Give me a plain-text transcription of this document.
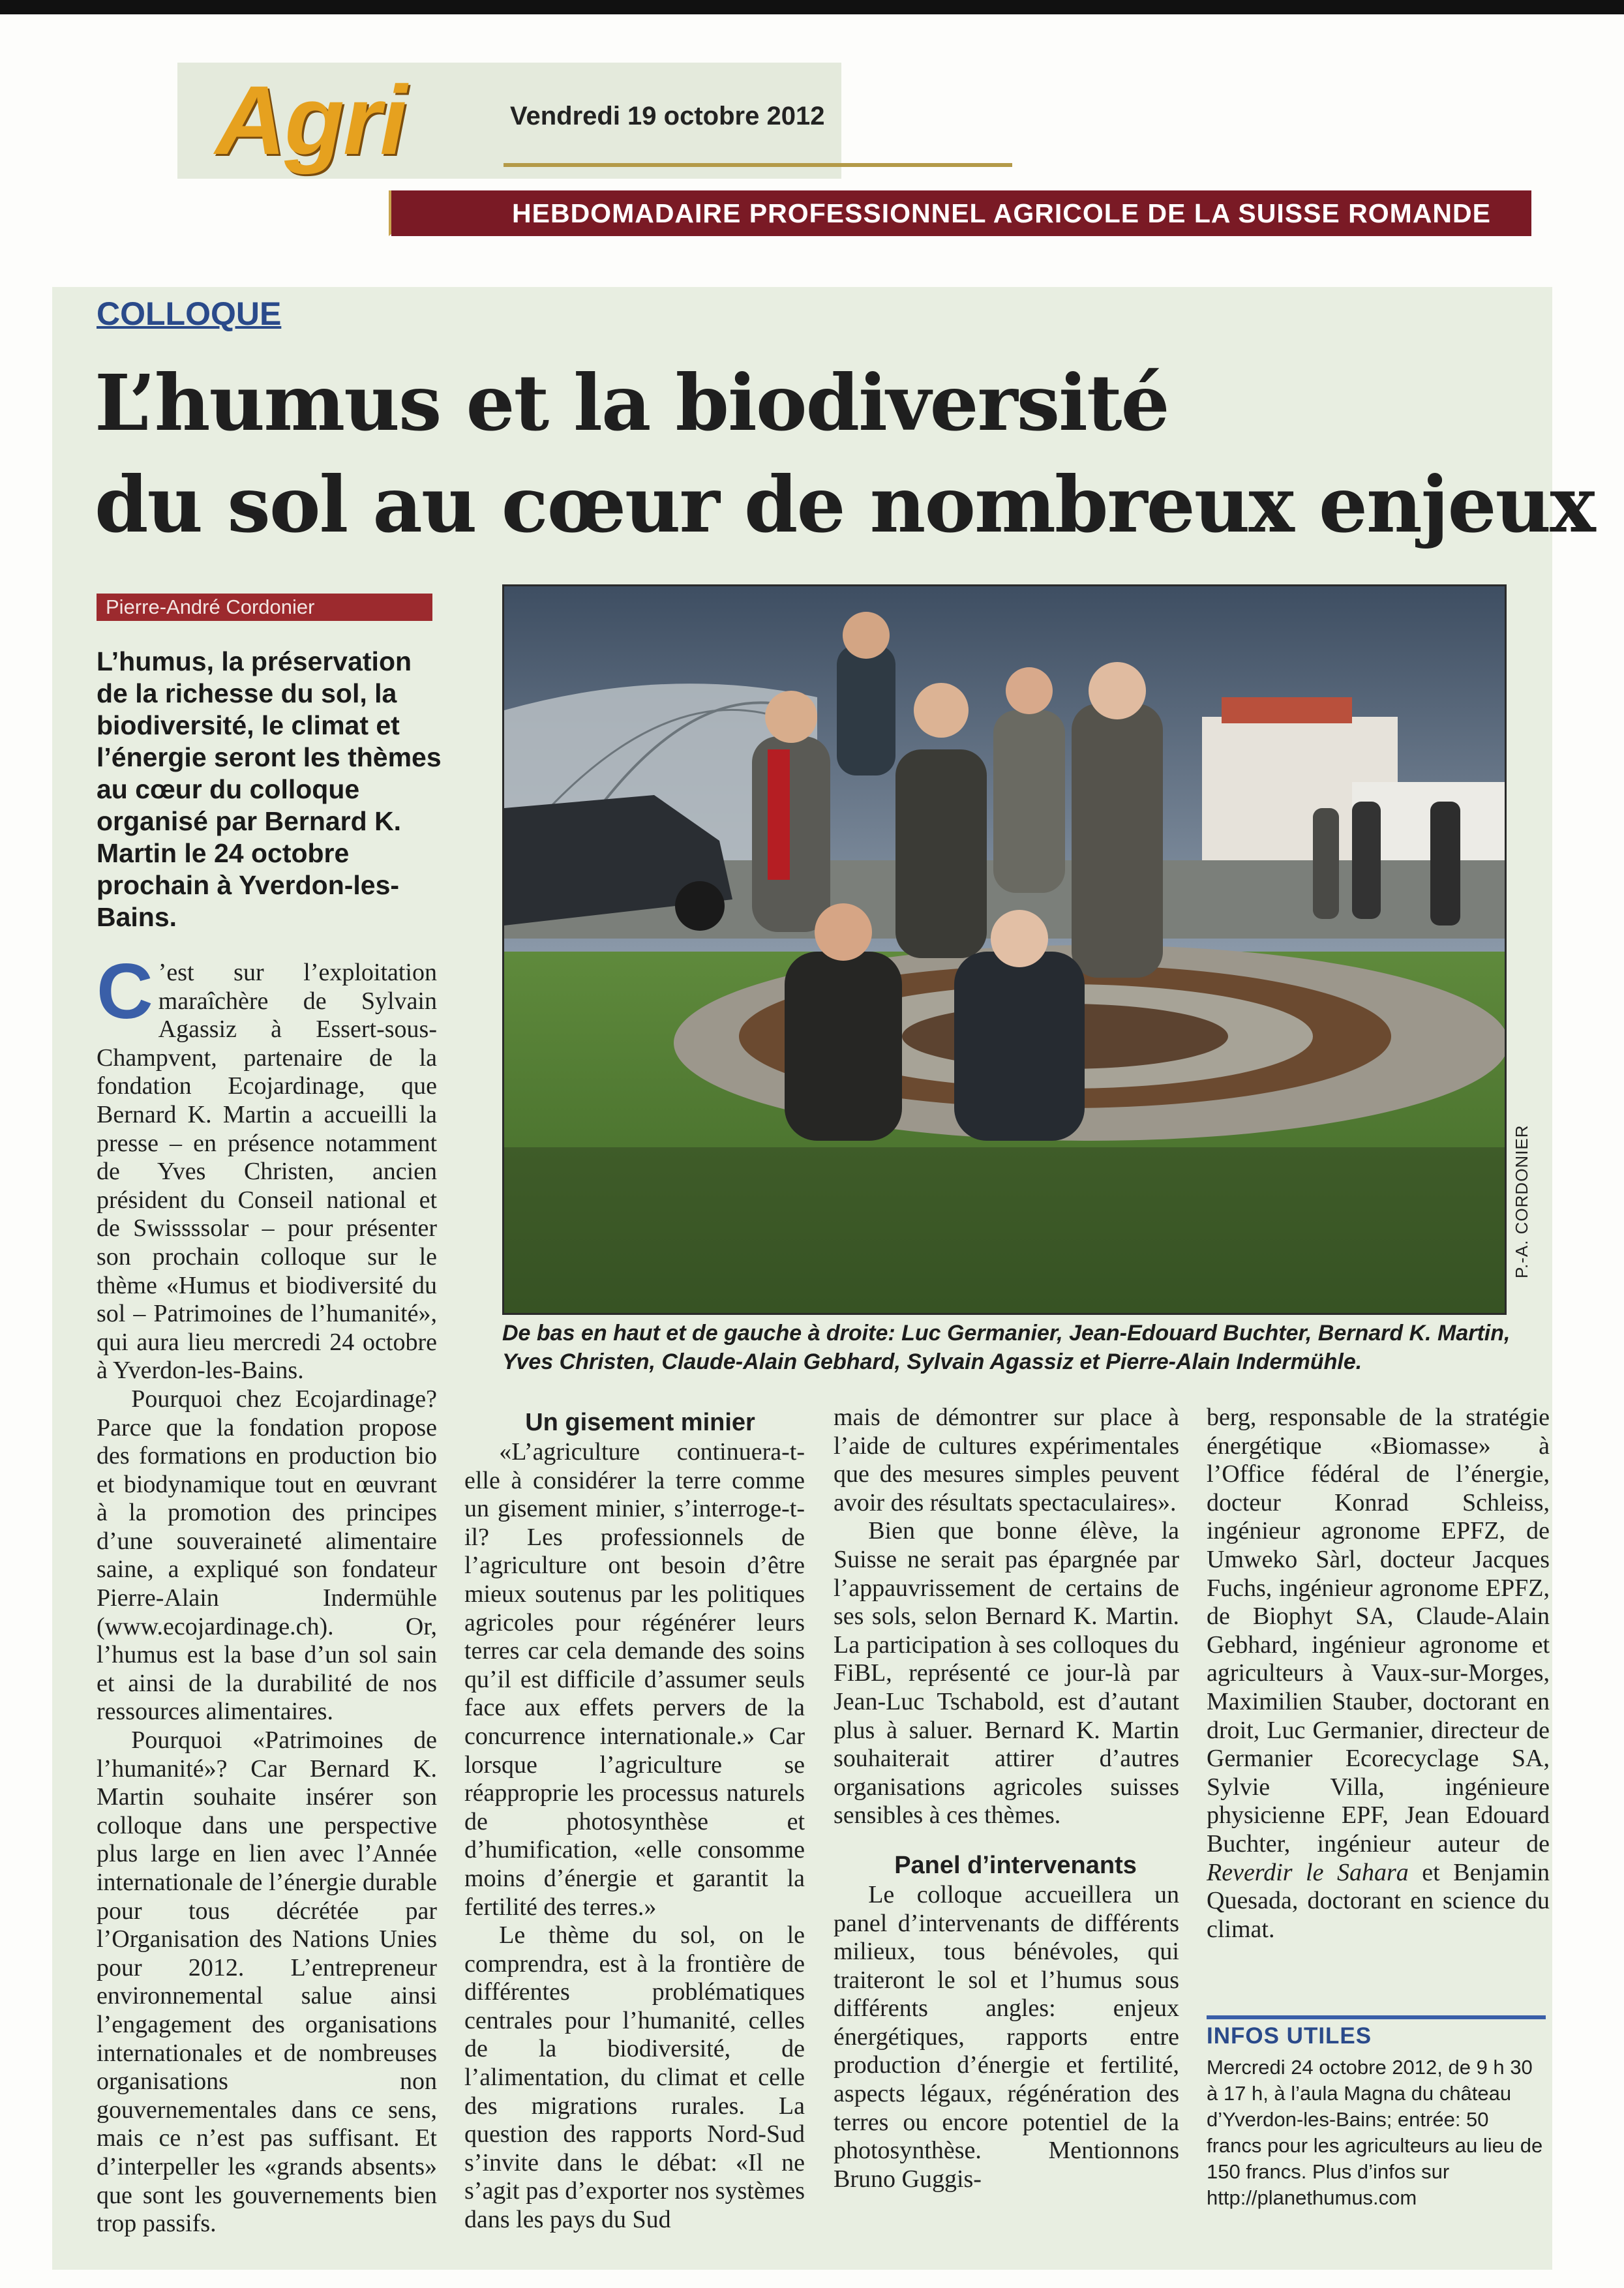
Agri	Vendredi 19 octobre 2012
HEBDOMADAIRE PROFESSIONNEL AGRICOLE DE LA SUISSE ROMANDE
COLLOQUE
L’humus et la biodiversité
du sol au cœur de nombreux enjeux
Pierre-André Cordonier
L’humus, la préservation de la richesse du sol, la biodiversité, le climat et l’énergie seront les thèmes au cœur du colloque organisé par Bernard K. Martin le 24 octobre prochain à Yverdon-les-Bains.
P.-A. CORDONIER
De bas en haut et de gauche à droite: Luc Germanier, Jean-Edouard Buchter, Bernard K. Martin, Yves Christen, Claude-Alain Gebhard, Sylvain Agassiz et Pierre-Alain Indermühle.

C ’est sur l’exploitation maraîchère de Sylvain Agassiz à Essert-sous-Champvent, partenaire de la fondation Ecojardinage, que Bernard K. Martin a accueilli la presse – en présence notamment de Yves Christen, ancien président du Conseil national et de Swissssolar – pour présenter son prochain colloque sur le thème «Humus et biodiversité du sol – Patrimoines de l’humanité», qui aura lieu mercredi 24 octobre à Yverdon-les-Bains.

Pourquoi chez Ecojardinage? Parce que la fondation propose des formations en production bio et biodynamique tout en œuvrant à la promotion des principes d’une souveraineté alimentaire saine, a expliqué son fondateur Pierre-Alain Indermühle (www.ecojardinage.ch). Or, l’humus est la base d’un sol sain et ainsi de la durabilité de nos ressources alimentaires.

Pourquoi «Patrimoines de l’humanité»? Car Bernard K. Martin souhaite insérer son colloque dans une perspective plus large en lien avec l’Année internationale de l’énergie durable pour tous décrétée par l’Organisation des Nations Unies pour 2012. L’entrepreneur environnemental salue ainsi l’engagement des organisations internationales et de nombreuses organisations non gouvernementales dans ce sens, mais ce n’est pas suffisant. Et d’interpeller les «grands absents» que sont les gouvernements bien trop passifs.

Un gisement minier

«L’agriculture continuera-t-elle à considérer la terre comme un gisement minier, s’interroge-t-il? Les professionnels de l’agriculture ont besoin d’être mieux soutenus par les politiques agricoles pour régénérer leurs terres car cela demande des soins qu’il est difficile d’assumer seuls face aux effets pervers de la concurrence internationale.» Car lorsque l’agriculture se réapproprie les processus naturels de photosynthèse et d’humification, «elle consomme moins d’énergie et garantit la fertilité des terres.»

Le thème du sol, on le comprendra, est à la frontière de différentes problématiques centrales pour l’humanité, celles de la biodiversité, de l’alimentation, du climat et celle des migrations rurales. La question des rapports Nord-Sud s’invite dans le débat: «Il ne s’agit pas d’exporter nos systèmes dans les pays du Sud

mais de démontrer sur place à l’aide de cultures expérimentales que des mesures simples peuvent avoir des résultats spectaculaires».

Bien que bonne élève, la Suisse ne serait pas épargnée par l’appauvrissement de certains de ses sols, selon Bernard K. Martin. La participation à ses colloques du FiBL, représenté ce jour-là par Jean-Luc Tschabold, est d’autant plus à saluer. Bernard K. Martin souhaiterait attirer d’autres organisations agricoles suisses sensibles à ces thèmes.

Panel d’intervenants

Le colloque accueillera un panel d’intervenants de différents milieux, tous bénévoles, qui traiteront le sol et l’humus sous différents angles: enjeux énergétiques, rapports entre production d’énergie et fertilité, aspects légaux, régénération des terres ou encore potentiel de la photosynthèse. Mentionnons Bruno Guggis-

berg, responsable de la stratégie énergétique «Biomasse» à l’Office fédéral de l’énergie, docteur Konrad Schleiss, ingénieur agronome EPFZ, de Umweko Sàrl, docteur Jacques Fuchs, ingénieur agronome EPFZ, de Biophyt SA, Claude-Alain Gebhard, ingénieur agronome et agriculteurs à Vaux-sur-Morges, Maximilien Stauber, doctorant en droit, Luc Germanier, directeur de Germanier Ecorecyclage SA, Sylvie Villa, ingénieure physicienne EPF, Jean Edouard Buchter, ingénieur auteur de Reverdir le Sahara et Benjamin Quesada, doctorant en science du climat.

INFOS UTILES
Mercredi 24 octobre 2012, de 9 h 30 à 17 h, à l’aula Magna du château d’Yverdon-les-Bains; entrée: 50 francs pour les agriculteurs au lieu de 150 francs. Plus d’infos sur http://planethumus.com
